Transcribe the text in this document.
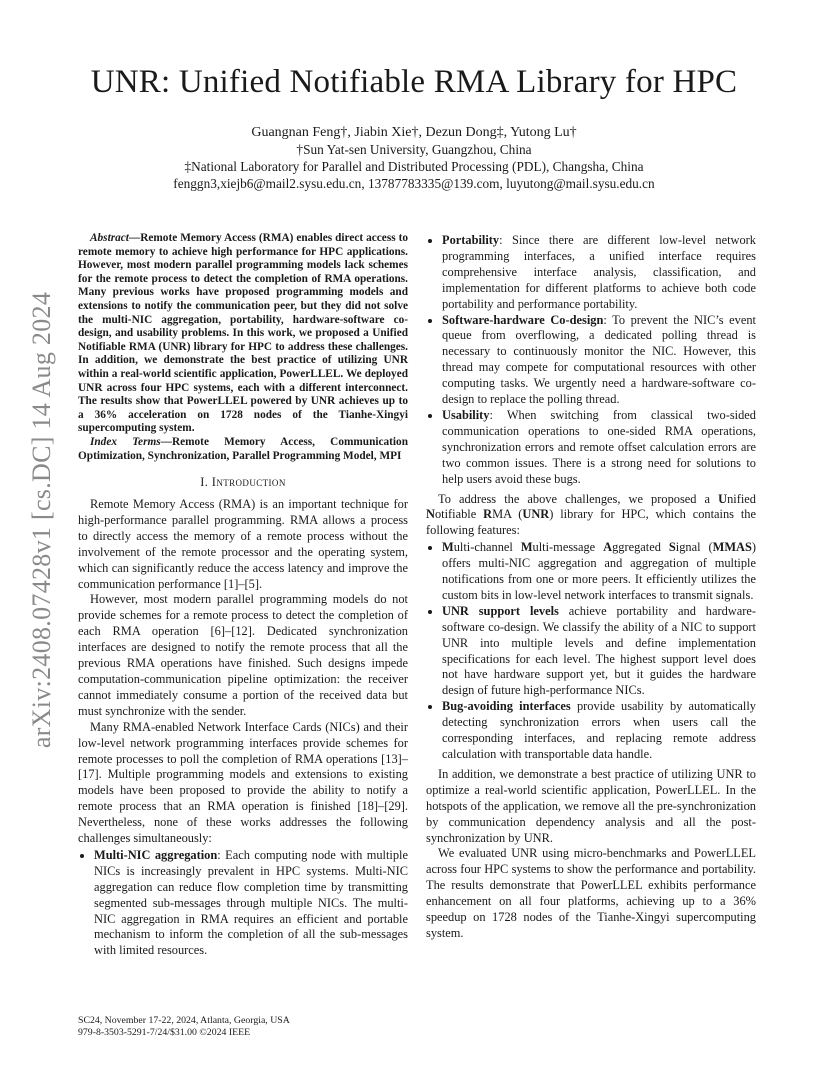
arXiv:2408.07428v1 [cs.DC] 14 Aug 2024
UNR: Unified Notifiable RMA Library for HPC
Guangnan Feng†, Jiabin Xie†, Dezun Dong‡, Yutong Lu†
†Sun Yat-sen University, Guangzhou, China
‡National Laboratory for Parallel and Distributed Processing (PDL), Changsha, China
fenggn3,xiejb6@mail2.sysu.edu.cn, 13787783335@139.com, luyutong@mail.sysu.edu.cn

Abstract—Remote Memory Access (RMA) enables direct access to remote memory to achieve high performance for HPC applications. However, most modern parallel programming models lack schemes for the remote process to detect the completion of RMA operations. Many previous works have proposed programming models and extensions to notify the communication peer, but they did not solve the multi-NIC aggregation, portability, hardware-software co-design, and usability problems. In this work, we proposed a Unified Notifiable RMA (UNR) library for HPC to address these challenges. In addition, we demonstrate the best practice of utilizing UNR within a real-world scientific application, PowerLLEL. We deployed UNR across four HPC systems, each with a different interconnect. The results show that PowerLLEL powered by UNR achieves up to a 36% acceleration on 1728 nodes of the Tianhe-Xingyi supercomputing system.

Index Terms—Remote Memory Access, Communication Optimization, Synchronization, Parallel Programming Model, MPI

I. Introduction

Remote Memory Access (RMA) is an important technique for high-performance parallel programming. RMA allows a process to directly access the memory of a remote process without the involvement of the remote processor and the operating system, which can significantly reduce the access latency and improve the communication performance [1]–[5].

However, most modern parallel programming models do not provide schemes for a remote process to detect the completion of each RMA operation [6]–[12]. Dedicated synchronization interfaces are designed to notify the remote process that all the previous RMA operations have finished. Such designs impede computation-communication pipeline optimization: the receiver cannot immediately consume a portion of the received data but must synchronize with the sender.

Many RMA-enabled Network Interface Cards (NICs) and their low-level network programming interfaces provide schemes for remote processes to poll the completion of RMA operations [13]–[17]. Multiple programming models and extensions to existing models have been proposed to provide the ability to notify a remote process that an RMA operation is finished [18]–[29]. Nevertheless, none of these works addresses the following challenges simultaneously:

• Multi-NIC aggregation: Each computing node with multiple NICs is increasingly prevalent in HPC systems. Multi-NIC aggregation can reduce flow completion time by transmitting segmented sub-messages through multiple NICs. The multi-NIC aggregation in RMA requires an efficient and portable mechanism to inform the completion of all the sub-messages with limited resources.
• Portability: Since there are different low-level network programming interfaces, a unified interface requires comprehensive interface analysis, classification, and implementation for different platforms to achieve both code portability and performance portability.
• Software-hardware Co-design: To prevent the NIC’s event queue from overflowing, a dedicated polling thread is necessary to continuously monitor the NIC. However, this thread may compete for computational resources with other computing tasks. We urgently need a hardware-software co-design to replace the polling thread.
• Usability: When switching from classical two-sided communication operations to one-sided RMA operations, synchronization errors and remote offset calculation errors are two common issues. There is a strong need for solutions to help users avoid these bugs.

To address the above challenges, we proposed a Unified Notifiable RMA (UNR) library for HPC, which contains the following features:

• Multi-channel Multi-message Aggregated Signal (MMAS) offers multi-NIC aggregation and aggregation of multiple notifications from one or more peers. It efficiently utilizes the custom bits in low-level network interfaces to transmit signals.
• UNR support levels achieve portability and hardware-software co-design. We classify the ability of a NIC to support UNR into multiple levels and define implementation specifications for each level. The highest support level does not have hardware support yet, but it guides the hardware design of future high-performance NICs.
• Bug-avoiding interfaces provide usability by automatically detecting synchronization errors when users call the corresponding interfaces, and replacing remote address calculation with transportable data handle.

In addition, we demonstrate a best practice of utilizing UNR to optimize a real-world scientific application, PowerLLEL. In the hotspots of the application, we remove all the pre-synchronization by communication dependency analysis and all the post-synchronization by UNR.

We evaluated UNR using micro-benchmarks and PowerLLEL across four HPC systems to show the performance and portability. The results demonstrate that PowerLLEL exhibits performance enhancement on all four platforms, achieving up to a 36% speedup on 1728 nodes of the Tianhe-Xingyi supercomputing system.

SC24, November 17-22, 2024, Atlanta, Georgia, USA
979-8-3503-5291-7/24/$31.00 ©2024 IEEE
